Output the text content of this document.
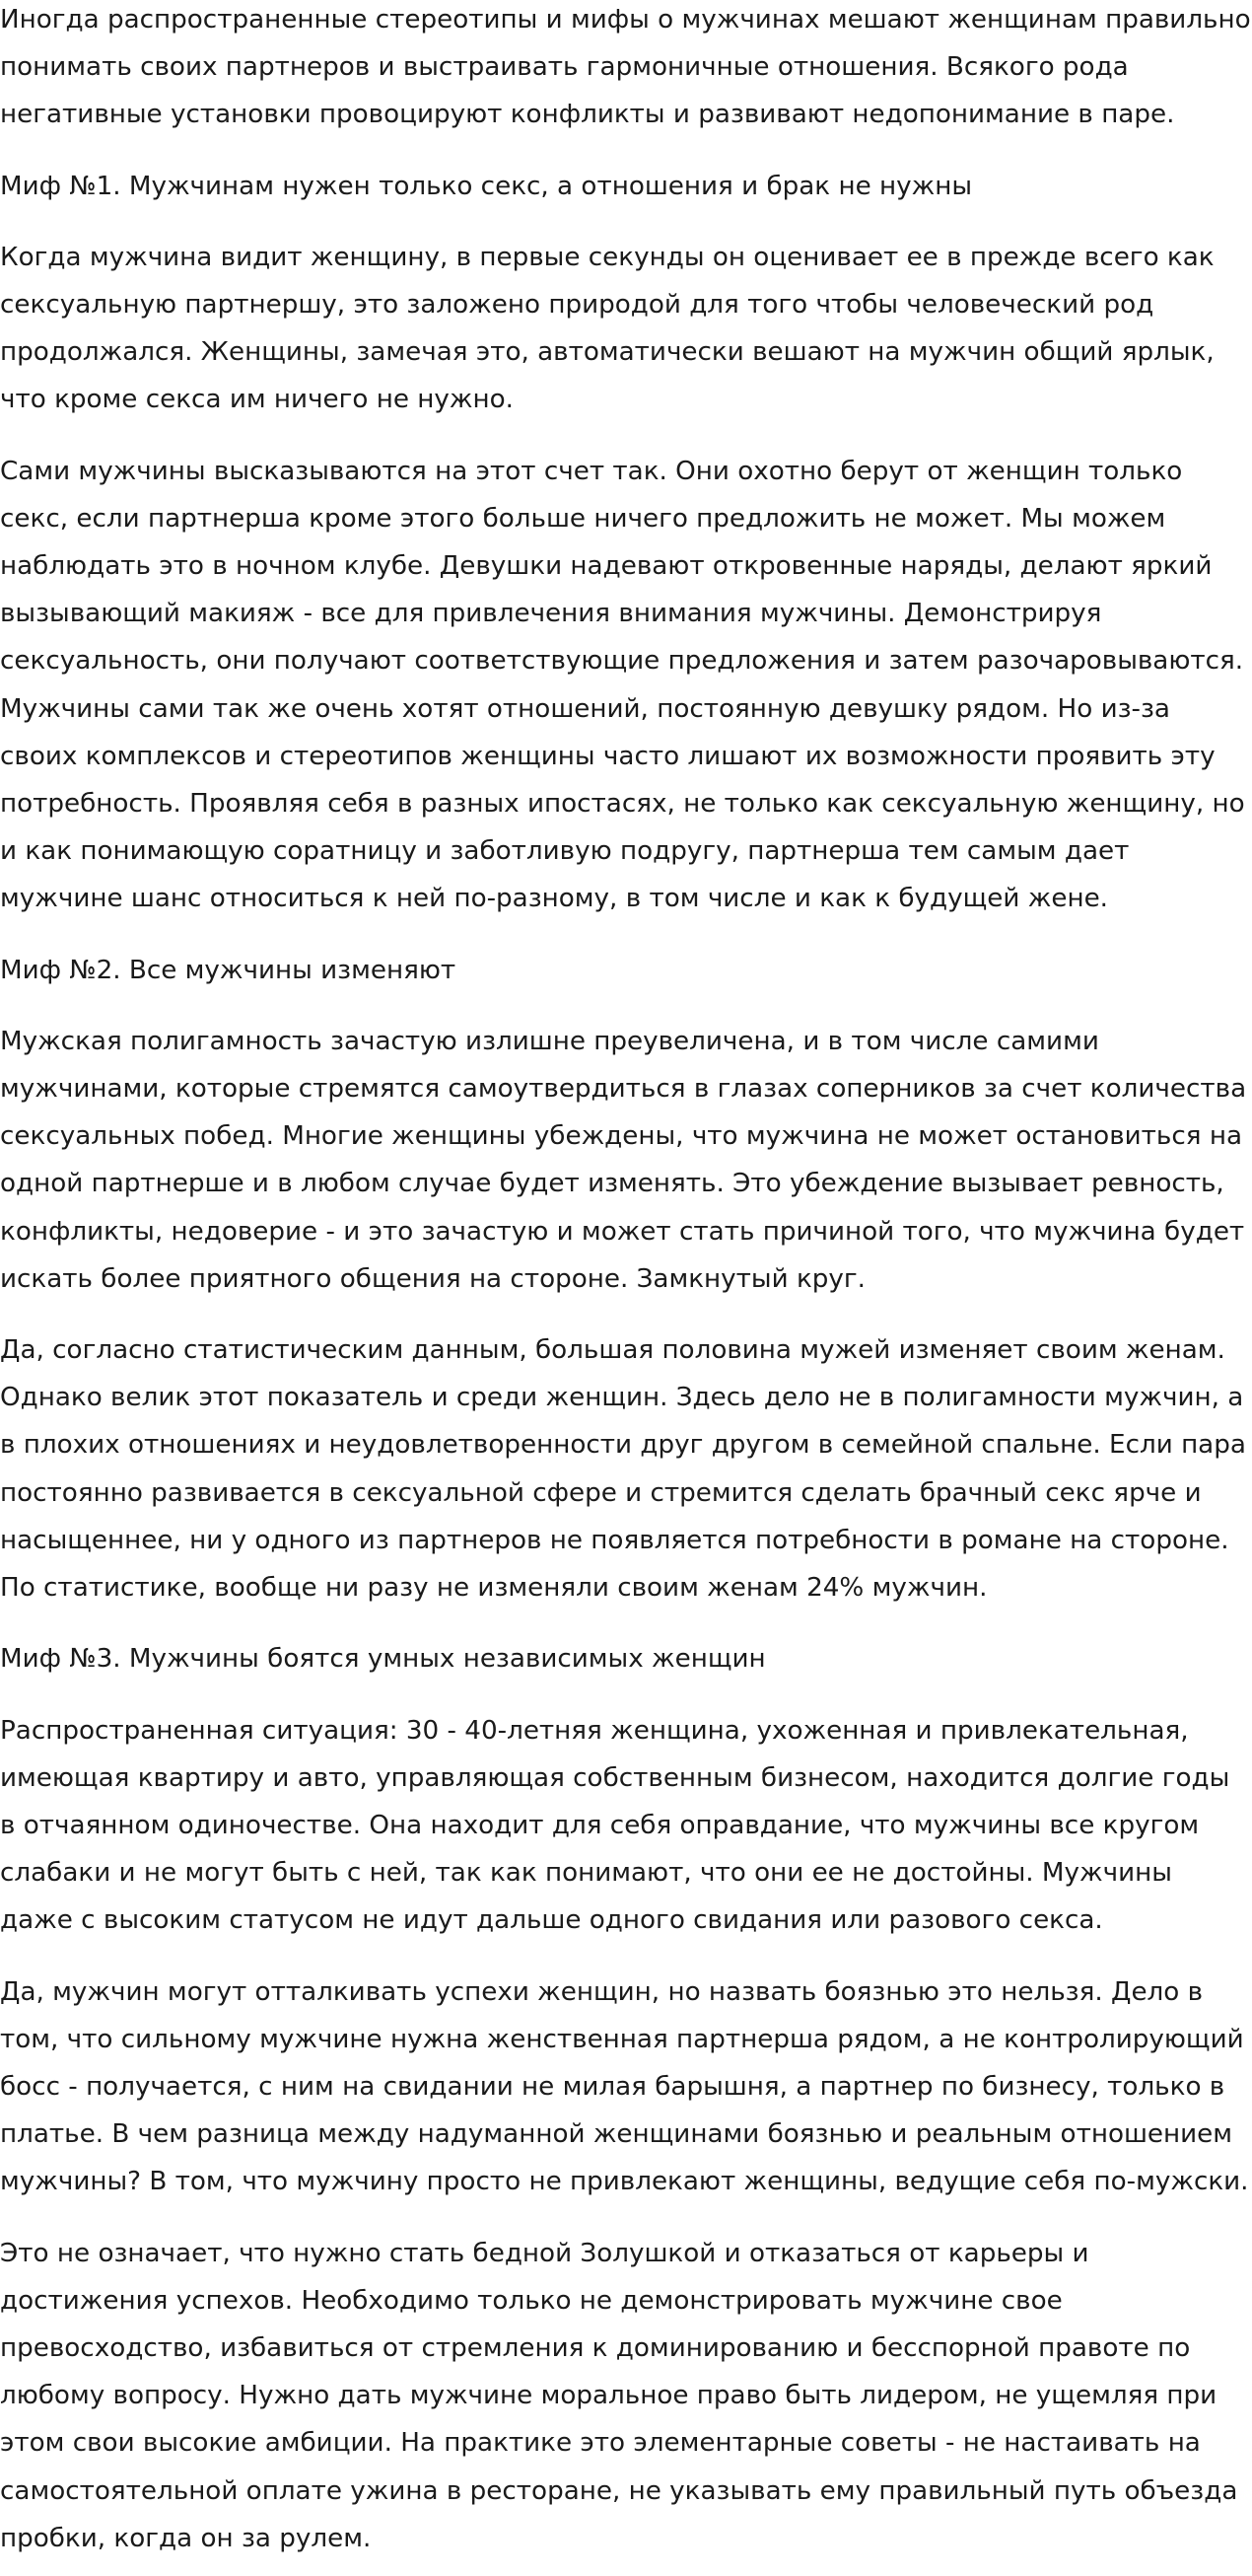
Иногда распространенные стереотипы и мифы о мужчинах мешают женщинам правильно понимать своих партнеров и выстраивать гармоничные отношения. Всякого рода негативные установки провоцируют конфликты и развивают недопонимание в паре.

Миф №1. Мужчинам нужен только секс, а отношения и брак не нужны

Когда мужчина видит женщину, в первые секунды он оценивает ее в прежде всего как сексуальную партнершу, это заложено природой для того чтобы человеческий род продолжался. Женщины, замечая это, автоматически вешают на мужчин общий ярлык, что кроме секса им ничего не нужно.

Сами мужчины высказываются на этот счет так. Они охотно берут от женщин только секс, если партнерша кроме этого больше ничего предложить не может. Мы можем наблюдать это в ночном клубе. Девушки надевают откровенные наряды, делают яркий вызывающий макияж - все для привлечения внимания мужчины. Демонстрируя сексуальность, они получают соответствующие предложения и затем разочаровываются. Мужчины сами так же очень хотят отношений, постоянную девушку рядом. Но из-за своих комплексов и стереотипов женщины часто лишают их возможности проявить эту потребность. Проявляя себя в разных ипостасях, не только как сексуальную женщину, но и как понимающую соратницу и заботливую подругу, партнерша тем самым дает мужчине шанс относиться к ней по-разному, в том числе и как к будущей жене.

Миф №2. Все мужчины изменяют

Мужская полигамность зачастую излишне преувеличена, и в том числе самими мужчинами, которые стремятся самоутвердиться в глазах соперников за счет количества сексуальных побед. Многие женщины убеждены, что мужчина не может остановиться на одной партнерше и в любом случае будет изменять. Это убеждение вызывает ревность, конфликты, недоверие - и это зачастую и может стать причиной того, что мужчина будет искать более приятного общения на стороне. Замкнутый круг.

Да, согласно статистическим данным, большая половина мужей изменяет своим женам. Однако велик этот показатель и среди женщин. Здесь дело не в полигамности мужчин, а в плохих отношениях и неудовлетворенности друг другом в семейной спальне. Если пара постоянно развивается в сексуальной сфере и стремится сделать брачный секс ярче и насыщеннее, ни у одного из партнеров не появляется потребности в романе на стороне. По статистике, вообще ни разу не изменяли своим женам 24% мужчин.

Миф №3. Мужчины боятся умных независимых женщин

Распространенная ситуация: 30 - 40-летняя женщина, ухоженная и привлекательная, имеющая квартиру и авто, управляющая собственным бизнесом, находится долгие годы в отчаянном одиночестве. Она находит для себя оправдание, что мужчины все кругом слабаки и не могут быть с ней, так как понимают, что они ее не достойны. Мужчины даже с высоким статусом не идут дальше одного свидания или разового секса.

Да, мужчин могут отталкивать успехи женщин, но назвать боязнью это нельзя. Дело в том, что сильному мужчине нужна женственная партнерша рядом, а не контролирующий босс - получается, с ним на свидании не милая барышня, а партнер по бизнесу, только в платье. В чем разница между надуманной женщинами боязнью и реальным отношением мужчины? В том, что мужчину просто не привлекают женщины, ведущие себя по-мужски.

Это не означает, что нужно стать бедной Золушкой и отказаться от карьеры и достижения успехов. Необходимо только не демонстрировать мужчине свое превосходство, избавиться от стремления к доминированию и бесспорной правоте по любому вопросу. Нужно дать мужчине моральное право быть лидером, не ущемляя при этом свои высокие амбиции. На практике это элементарные советы - не настаивать на самостоятельной оплате ужина в ресторане, не указывать ему правильный путь объезда пробки, когда он за рулем.
